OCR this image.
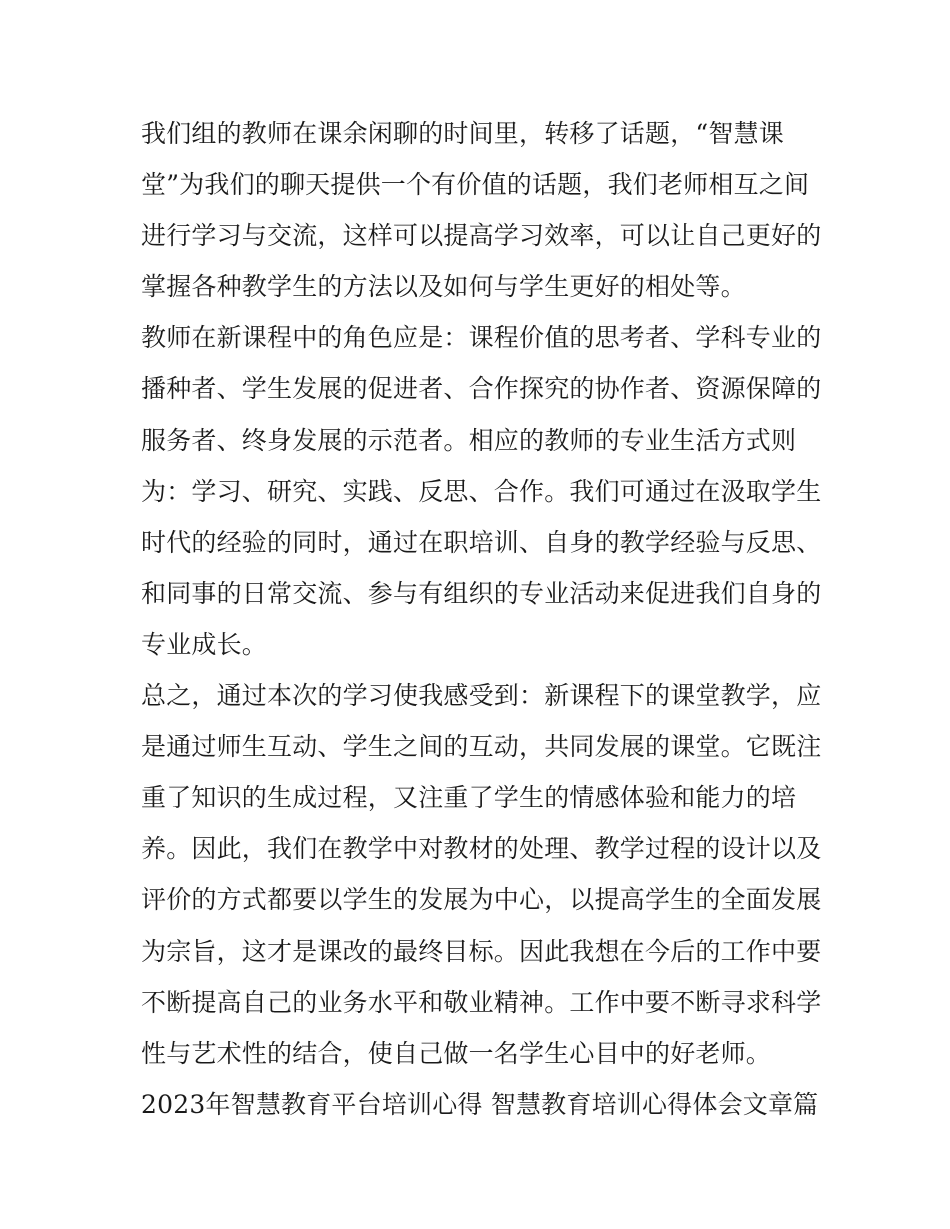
我们组的教师在课余闲聊的时间里，转移了话题，“智慧课
堂”为我们的聊天提供一个有价值的话题，我们老师相互之间
进行学习与交流，这样可以提高学习效率，可以让自己更好的
掌握各种教学生的方法以及如何与学生更好的相处等。
教师在新课程中的角色应是：课程价值的思考者、学科专业的
播种者、学生发展的促进者、合作探究的协作者、资源保障的
服务者、终身发展的示范者。相应的教师的专业生活方式则
为：学习、研究、实践、反思、合作。我们可通过在汲取学生
时代的经验的同时，通过在职培训、自身的教学经验与反思、
和同事的日常交流、参与有组织的专业活动来促进我们自身的
专业成长。
总之，通过本次的学习使我感受到：新课程下的课堂教学，应
是通过师生互动、学生之间的互动，共同发展的课堂。它既注
重了知识的生成过程，又注重了学生的情感体验和能力的培
养。因此，我们在教学中对教材的处理、教学过程的设计以及
评价的方式都要以学生的发展为中心，以提高学生的全面发展
为宗旨，这才是课改的最终目标。因此我想在今后的工作中要
不断提高自己的业务水平和敬业精神。工作中要不断寻求科学
性与艺术性的结合，使自己做一名学生心目中的好老师。
2023年智慧教育平台培训心得 智慧教育培训心得体会文章篇
